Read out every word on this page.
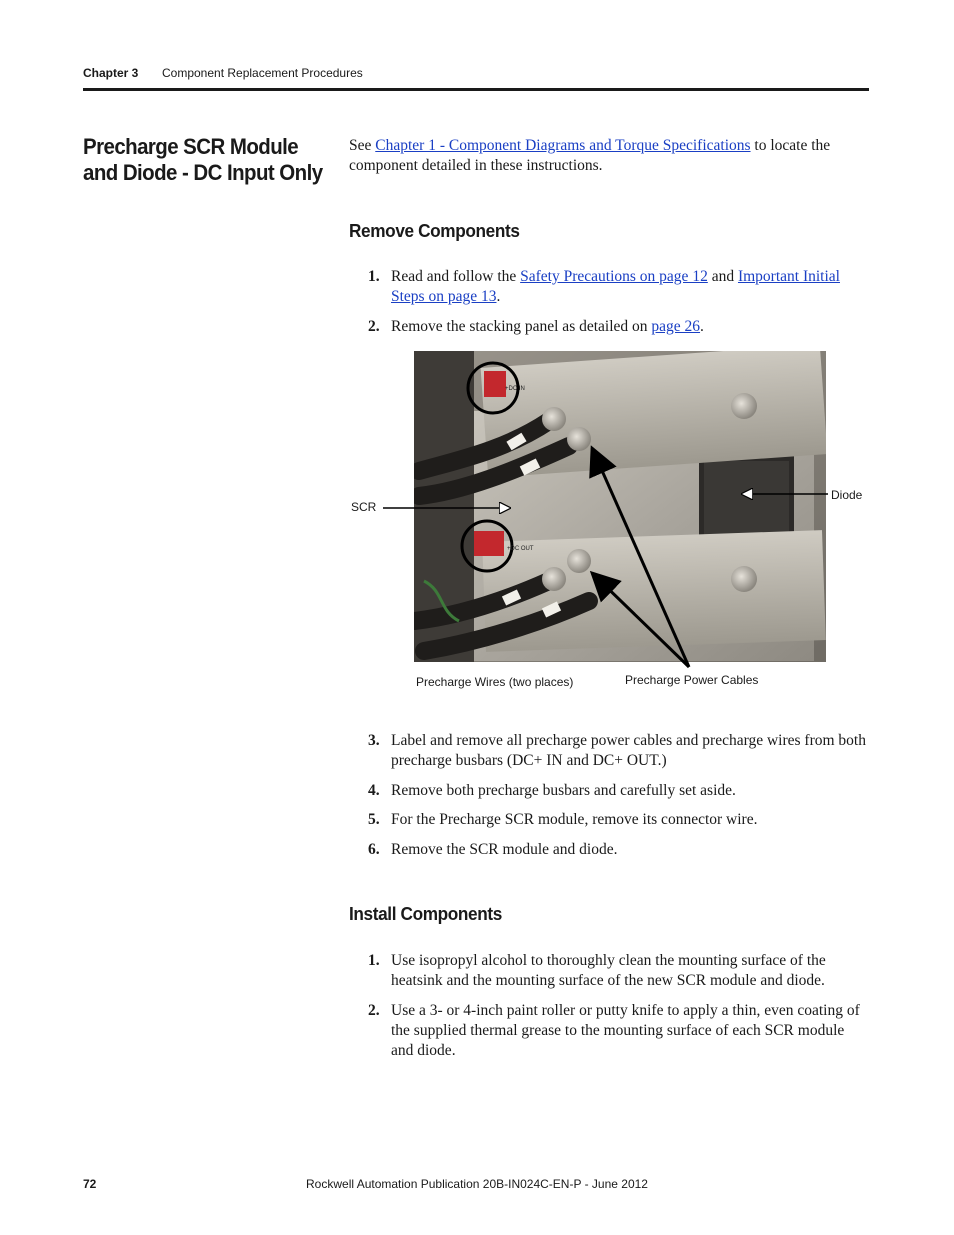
Chapter 3 Component Replacement Procedures
Precharge SCR Module and Diode - DC Input Only
See Chapter 1 - Component Diagrams and Torque Specifications to locate the component detailed in these instructions.
Remove Components
1. Read and follow the Safety Precautions on page 12 and Important Initial Steps on page 13.
2. Remove the stacking panel as detailed on page 26.
+DC IN
+DC OUT
SCR
Diode
Precharge Wires (two places)	Precharge Power Cables
3. Label and remove all precharge power cables and precharge wires from both precharge busbars (DC+ IN and DC+ OUT.)
4. Remove both precharge busbars and carefully set aside.
5. For the Precharge SCR module, remove its connector wire.
6. Remove the SCR module and diode.
Install Components
1. Use isopropyl alcohol to thoroughly clean the mounting surface of the heatsink and the mounting surface of the new SCR module and diode.
2. Use a 3- or 4-inch paint roller or putty knife to apply a thin, even coating of the supplied thermal grease to the mounting surface of each SCR module and diode.
72	Rockwell Automation Publication 20B-IN024C-EN-P - June 2012
